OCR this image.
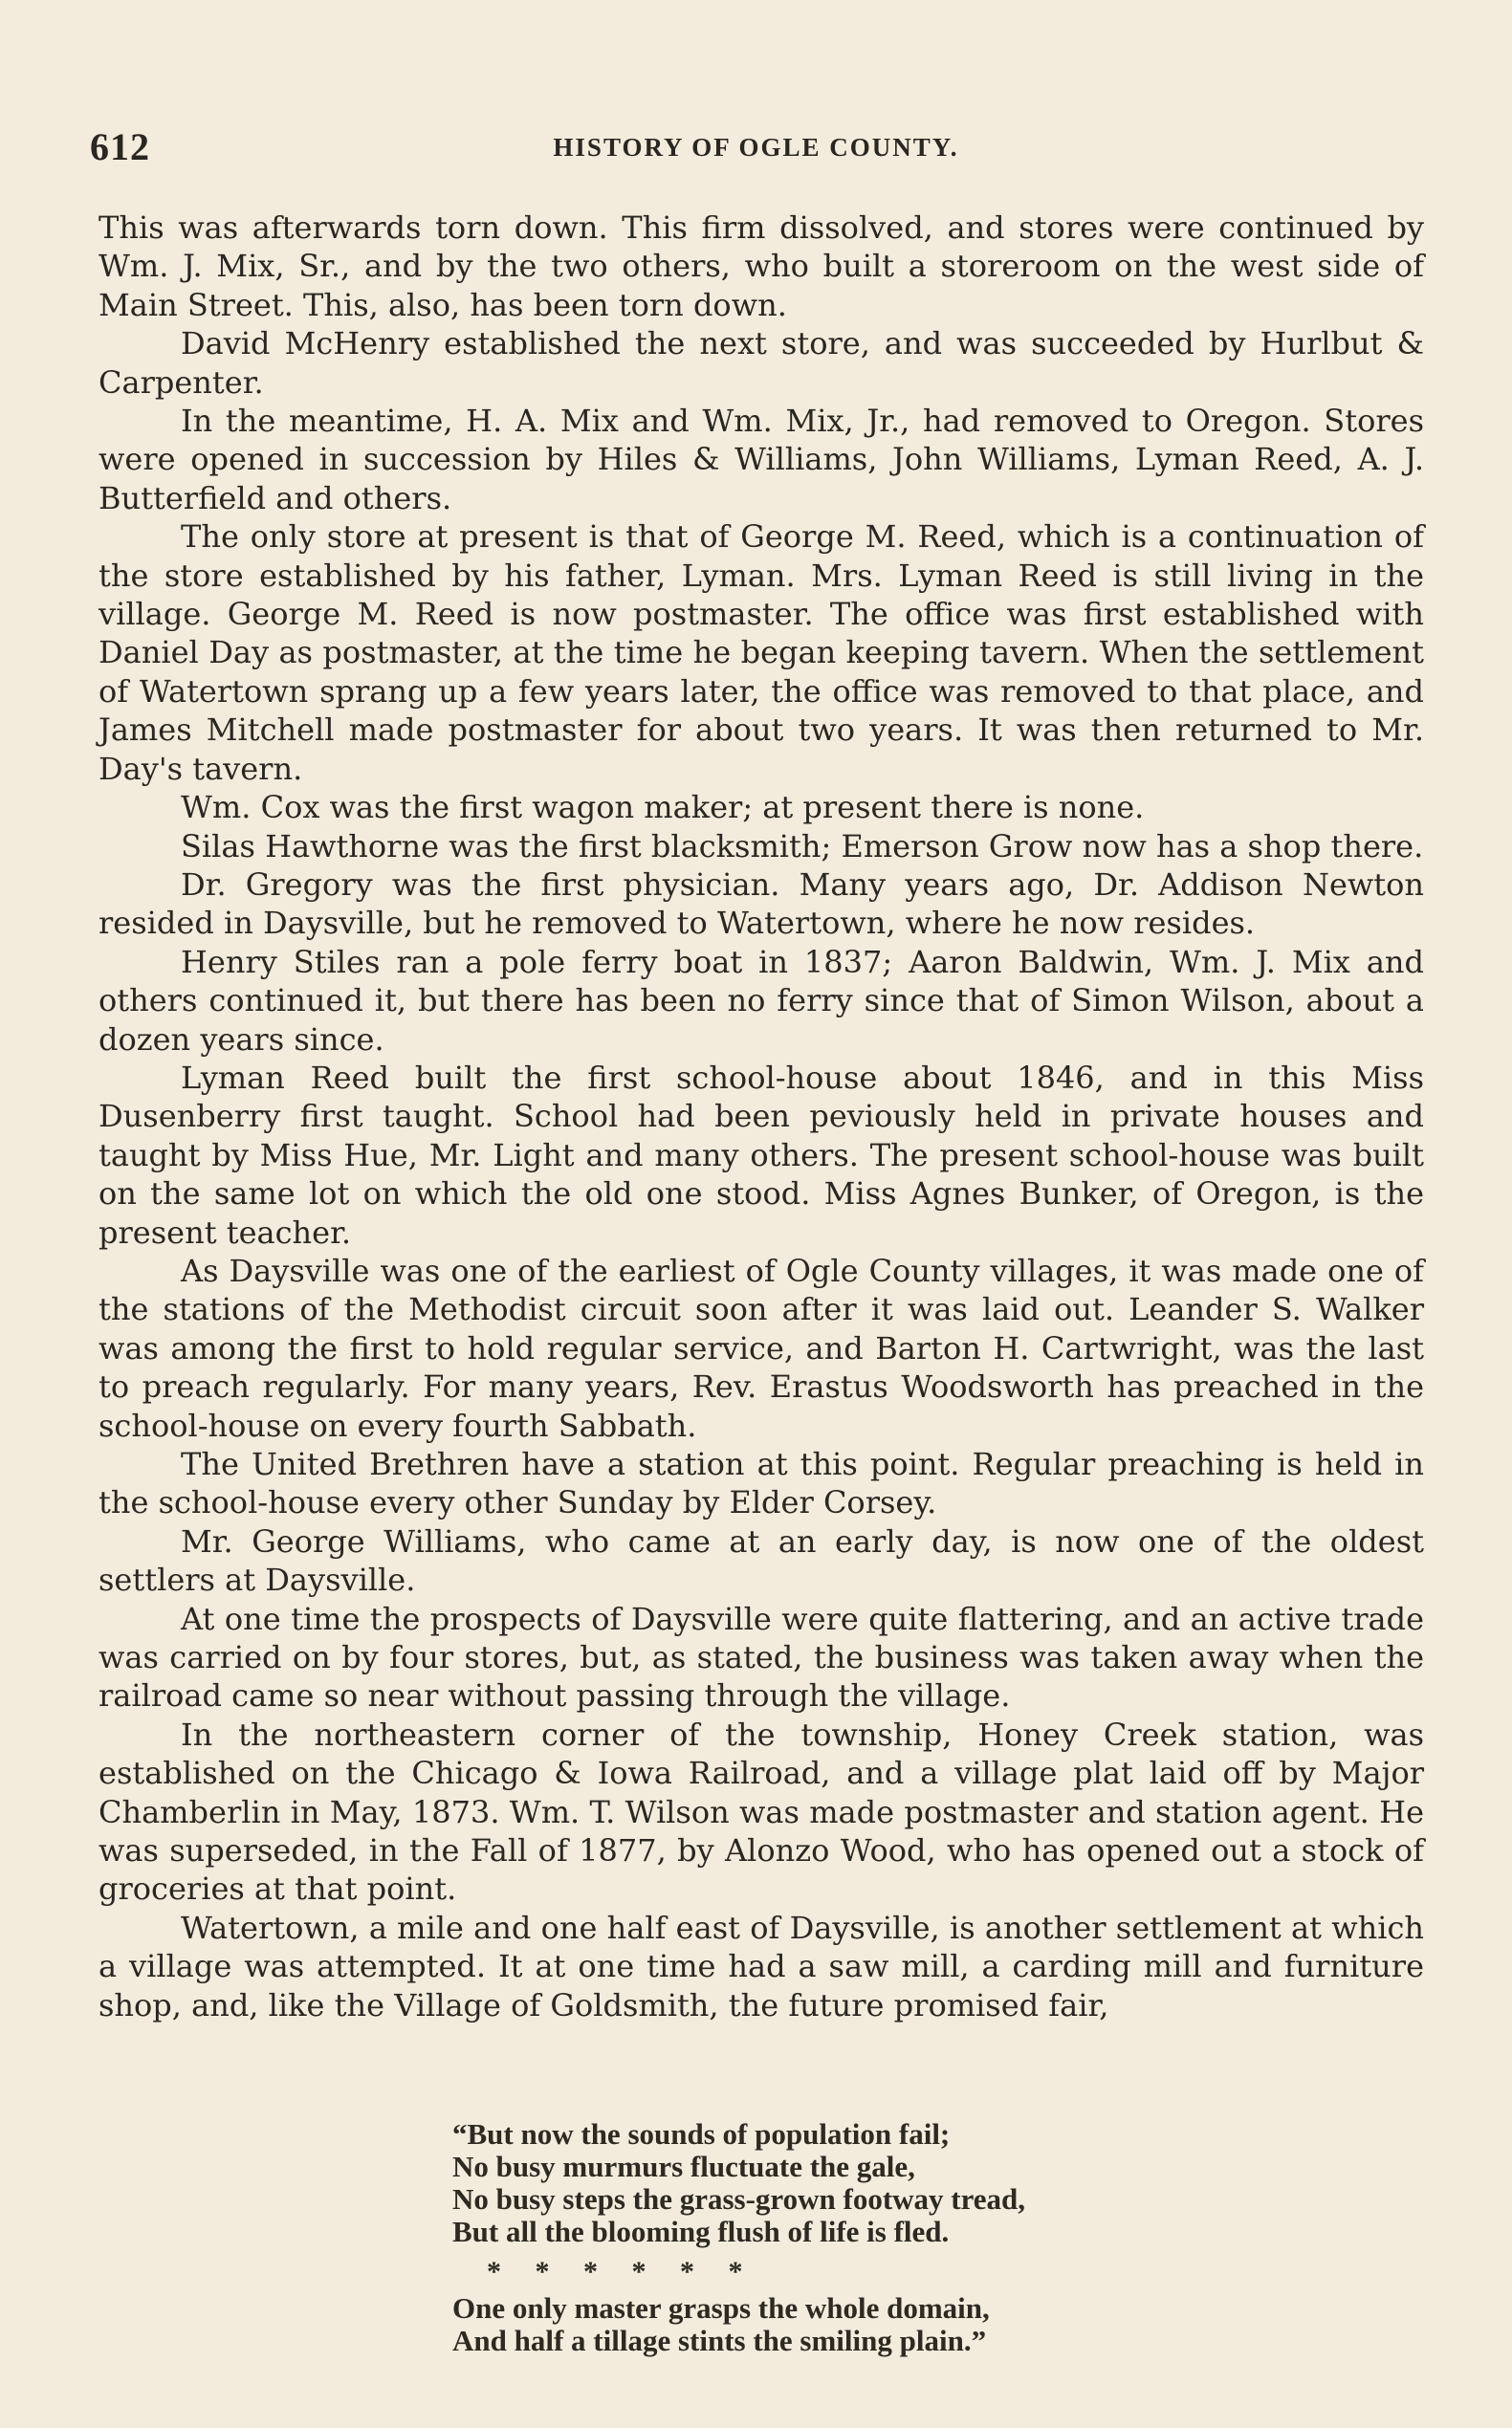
612	HISTORY OF OGLE COUNTY.

This was afterwards torn down. This firm dissolved, and stores were continued by Wm. J. Mix, Sr., and by the two others, who built a storeroom on the west side of Main Street. This, also, has been torn down.

David McHenry established the next store, and was succeeded by Hurlbut & Carpenter.

In the meantime, H. A. Mix and Wm. Mix, Jr., had removed to Oregon. Stores were opened in succession by Hiles & Williams, John Williams, Lyman Reed, A. J. Butterfield and others.

The only store at present is that of George M. Reed, which is a continuation of the store established by his father, Lyman. Mrs. Lyman Reed is still living in the village. George M. Reed is now postmaster. The office was first established with Daniel Day as postmaster, at the time he began keeping tavern. When the settlement of Watertown sprang up a few years later, the office was removed to that place, and James Mitchell made postmaster for about two years. It was then returned to Mr. Day's tavern.

Wm. Cox was the first wagon maker; at present there is none.

Silas Hawthorne was the first blacksmith; Emerson Grow now has a shop there.

Dr. Gregory was the first physician. Many years ago, Dr. Addison Newton resided in Daysville, but he removed to Watertown, where he now resides.

Henry Stiles ran a pole ferry boat in 1837; Aaron Baldwin, Wm. J. Mix and others continued it, but there has been no ferry since that of Simon Wilson, about a dozen years since.

Lyman Reed built the first school-house about 1846, and in this Miss Dusenberry first taught. School had been peviously held in private houses and taught by Miss Hue, Mr. Light and many others. The present school-house was built on the same lot on which the old one stood. Miss Agnes Bunker, of Oregon, is the present teacher.

As Daysville was one of the earliest of Ogle County villages, it was made one of the stations of the Methodist circuit soon after it was laid out. Leander S. Walker was among the first to hold regular service, and Barton H. Cartwright, was the last to preach regularly. For many years, Rev. Erastus Woodsworth has preached in the school-house on every fourth Sabbath.

The United Brethren have a station at this point. Regular preaching is held in the school-house every other Sunday by Elder Corsey.

Mr. George Williams, who came at an early day, is now one of the oldest settlers at Daysville.

At one time the prospects of Daysville were quite flattering, and an active trade was carried on by four stores, but, as stated, the business was taken away when the railroad came so near without passing through the village.

In the northeastern corner of the township, Honey Creek station, was established on the Chicago & Iowa Railroad, and a village plat laid off by Major Chamberlin in May, 1873. Wm. T. Wilson was made postmaster and station agent. He was superseded, in the Fall of 1877, by Alonzo Wood, who has opened out a stock of groceries at that point.

Watertown, a mile and one half east of Daysville, is another settlement at which a village was attempted. It at one time had a saw mill, a carding mill and furniture shop, and, like the Village of Goldsmith, the future promised fair,

“But now the sounds of population fail;
No busy murmurs fluctuate the gale,
No busy steps the grass-grown footway tread,
But all the blooming flush of life is fled.
* * * * * *
One only master grasps the whole domain,
And half a tillage stints the smiling plain.”
